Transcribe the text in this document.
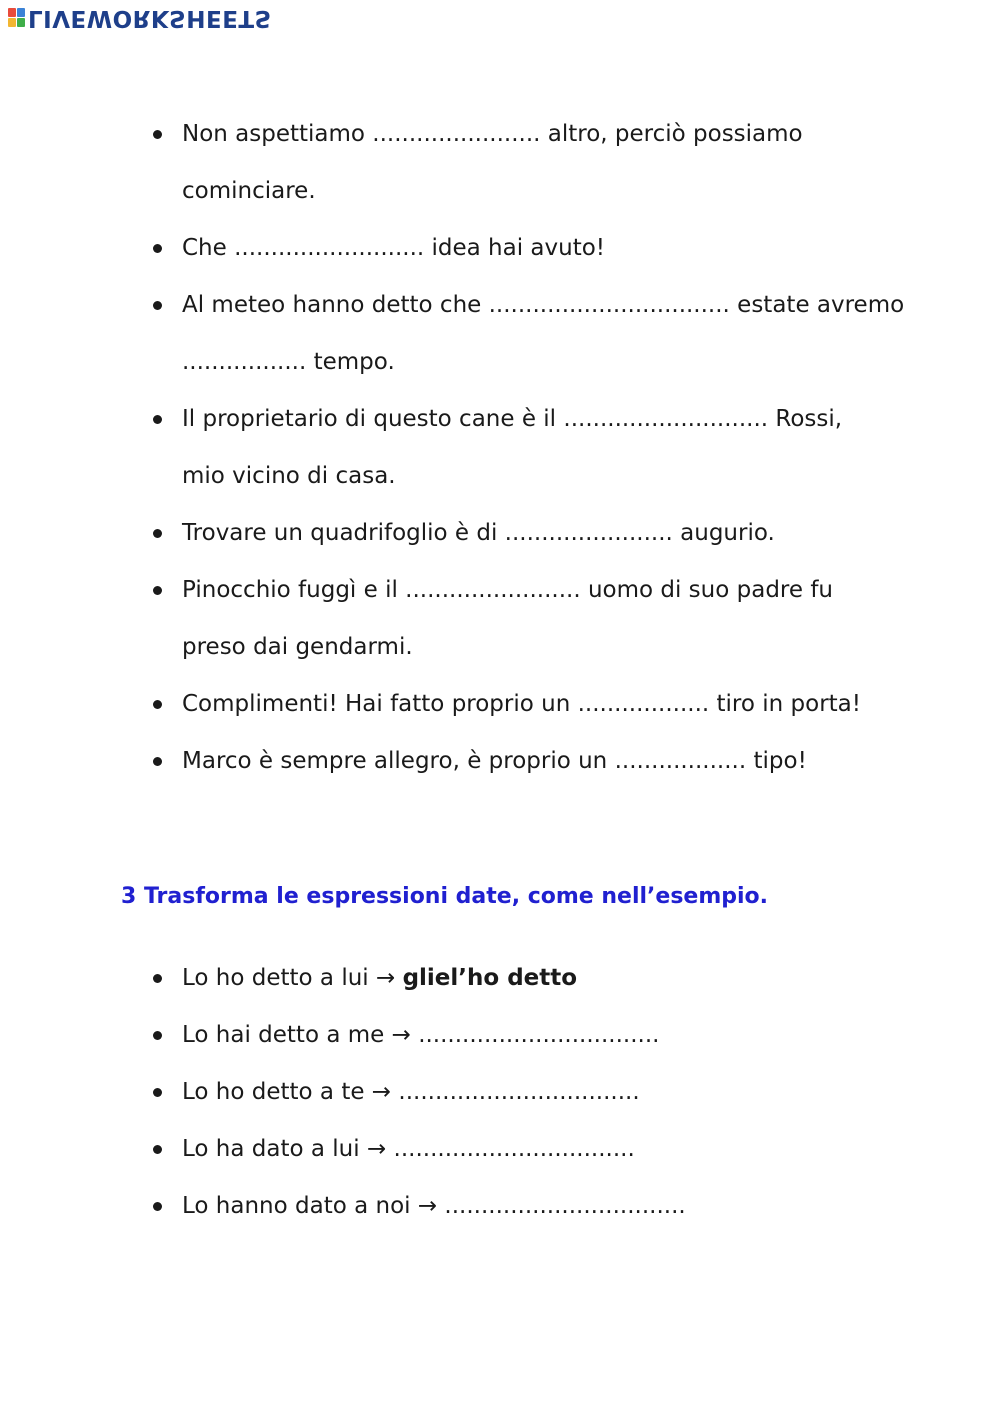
LIVEWORKSHEETS
Non aspettiamo ....................... altro, perciò possiamo
cominciare.
Che .......................... idea hai avuto!
Al meteo hanno detto che ................................. estate avremo
................. tempo.
Il proprietario di questo cane è il ............................ Rossi,
mio vicino di casa.
Trovare un quadrifoglio è di ....................... augurio.
Pinocchio fuggì e il ........................ uomo di suo padre fu
preso dai gendarmi.
Complimenti! Hai fatto proprio un .................. tiro in porta!
Marco è sempre allegro, è proprio un .................. tipo!
3 Trasforma le espressioni date, come nell’esempio.
Lo ho detto a lui → gliel’ho detto
Lo hai detto a me → .................................
Lo ho detto a te → .................................
Lo ha dato a lui → .................................
Lo hanno dato a noi → .................................
